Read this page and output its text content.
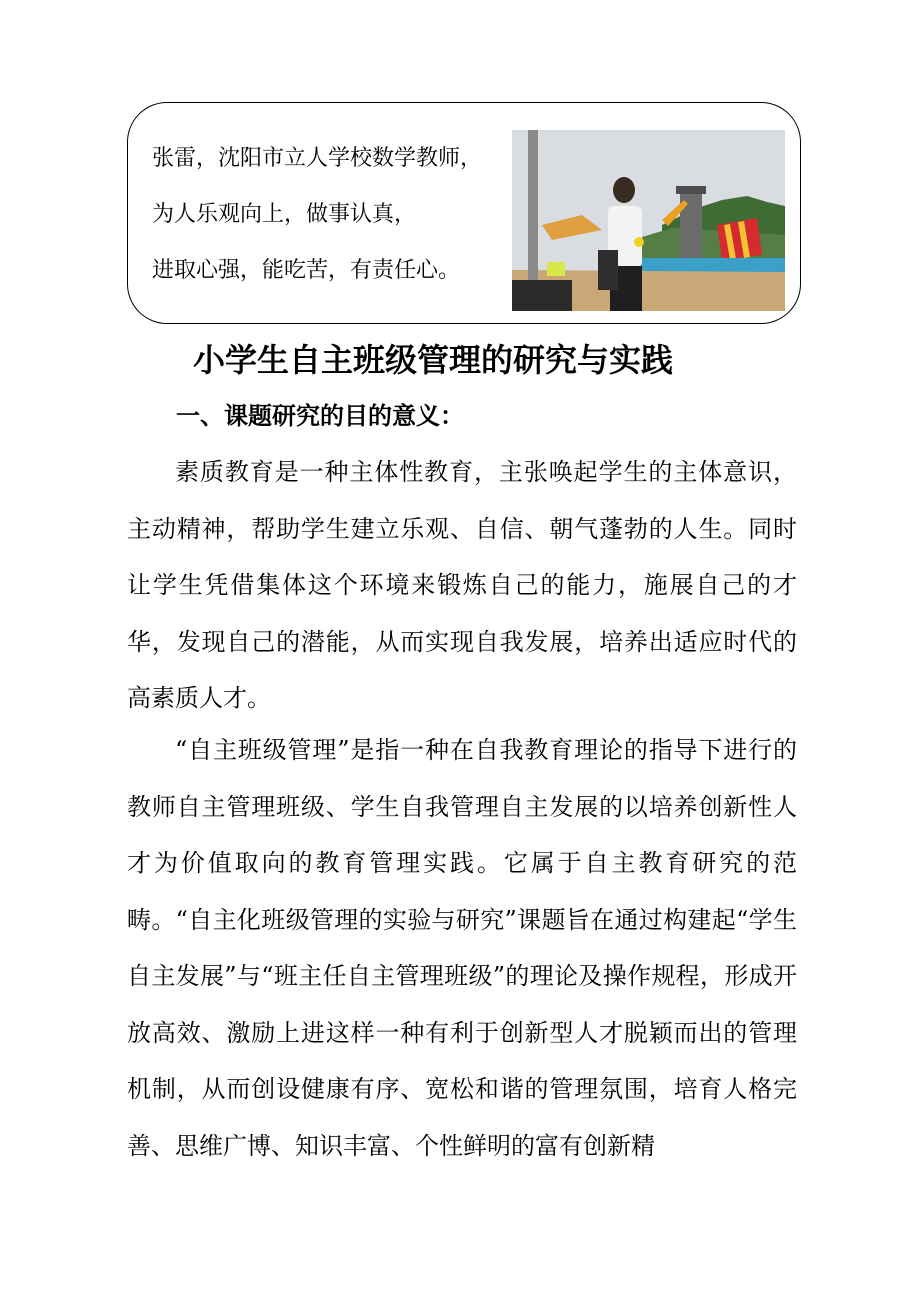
张雷，沈阳市立人学校数学教师，
为人乐观向上，做事认真，
进取心强，能吃苦，有责任心。
小学生自主班级管理的研究与实践
一、课题研究的目的意义：
素质教育是一种主体性教育，主张唤起学生的主体意识，主动精神，帮助学生建立乐观、自信、朝气蓬勃的人生。同时让学生凭借集体这个环境来锻炼自己的能力，施展自己的才华，发现自己的潜能，从而实现自我发展，培养出适应时代的高素质人才。
“自主班级管理”是指一种在自我教育理论的指导下进行的教师自主管理班级、学生自我管理自主发展的以培养创新性人才为价值取向的教育管理实践。它属于自主教育研究的范畴。“自主化班级管理的实验与研究”课题旨在通过构建起“学生自主发展”与“班主任自主管理班级”的理论及操作规程，形成开放高效、激励上进这样一种有利于创新型人才脱颖而出的管理机制，从而创设健康有序、宽松和谐的管理氛围，培育人格完善、思维广博、知识丰富、个性鲜明的富有创新精
